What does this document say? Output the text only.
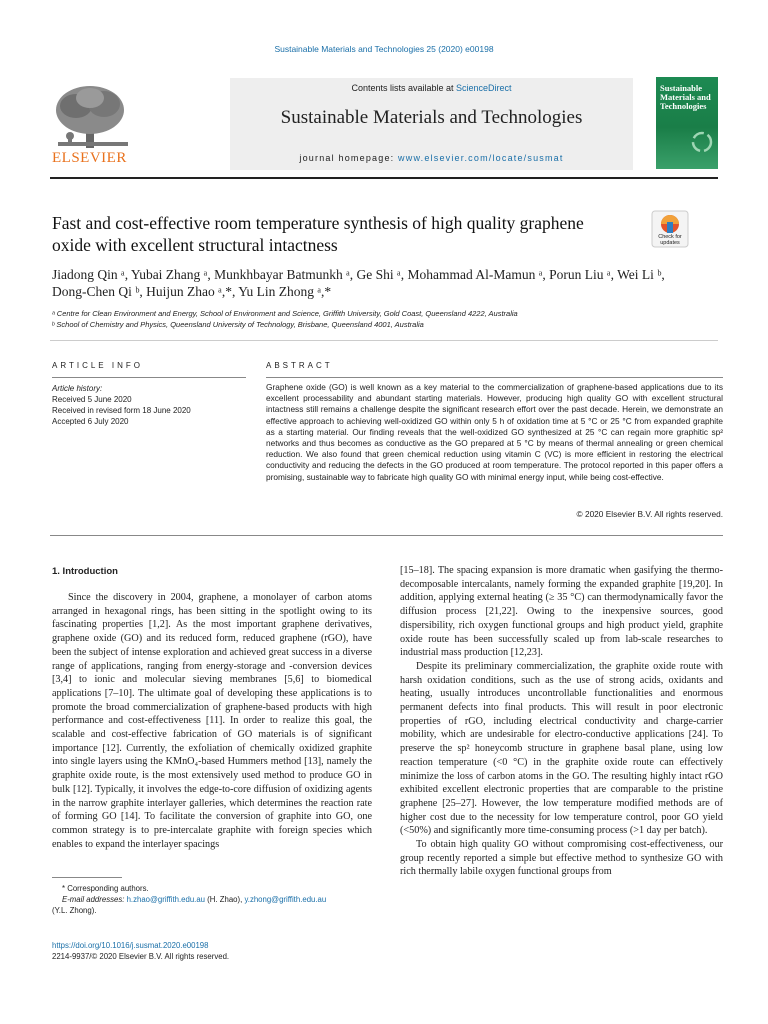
Sustainable Materials and Technologies 25 (2020) e00198
Contents lists available at ScienceDirect
Sustainable Materials and Technologies
journal homepage: www.elsevier.com/locate/susmat
ELSEVIER
Sustainable Materials and Technologies
Fast and cost-effective room temperature synthesis of high quality graphene oxide with excellent structural intactness	Check for updates
Jiadong Qin ᵃ, Yubai Zhang ᵃ, Munkhbayar Batmunkh ᵃ, Ge Shi ᵃ, Mohammad Al-Mamun ᵃ, Porun Liu ᵃ, Wei Li ᵇ,
Dong-Chen Qi ᵇ, Huijun Zhao ᵃ,*, Yu Lin Zhong ᵃ,*
ᵃ Centre for Clean Environment and Energy, School of Environment and Science, Griffith University, Gold Coast, Queensland 4222, Australia
ᵇ School of Chemistry and Physics, Queensland University of Technology, Brisbane, Queensland 4001, Australia
ARTICLE INFO
Article history:
Received 5 June 2020
Received in revised form 18 June 2020
Accepted 6 July 2020
ABSTRACT
Graphene oxide (GO) is well known as a key material to the commercialization of graphene-based applications due to its excellent processability and abundant starting materials. However, producing high quality GO with excellent structural intactness still remains a challenge despite the significant research effort over the past decade. Herein, we demonstrate an effective approach to achieving well-oxidized GO within only 5 h of oxidation time at 5 °C or 25 °C from expanded graphite as a starting material. Our finding reveals that the well-oxidized GO synthesized at 25 °C can regain more graphitic sp² networks and thus becomes as conductive as the GO prepared at 5 °C by means of thermal annealing or green chemical reduction. We also found that green chemical reduction using vitamin C (VC) is more efficient in restoring the electrical conductivity and reducing the defects in the GO produced at room temperature. The protocol reported in this paper offers a promising, sustainable way to fabricate high quality GO with minimal energy input, while being cost-effective.
© 2020 Elsevier B.V. All rights reserved.
1. Introduction

Since the discovery in 2004, graphene, a monolayer of carbon atoms arranged in hexagonal rings, has been sitting in the spotlight owing to its fascinating properties [1,2]. As the most important graphene derivatives, graphene oxide (GO) and its reduced form, reduced graphene (rGO), have been the subject of intense exploration and achieved great success in a diverse range of applications, ranging from energy-storage and -conversion devices [3,4] to ionic and molecular sieving membranes [5,6] to biomedical applications [7–10]. The ultimate goal of developing these applications is to promote the broad commercialization of graphene-based products with high performance and cost-effectiveness [11]. In order to realize this goal, the scalable and cost-effective fabrication of GO materials is of significant importance [12]. Currently, the exfoliation of chemically oxidized graphite into single layers using the KMnO₄-based Hummers method [13], namely the graphite oxide route, is the most extensively used method to produce GO in bulk [12]. Typically, it involves the edge-to-core diffusion of oxidizing agents in the narrow graphite interlayer galleries, which determines the reaction rate of forming GO [14]. To facilitate the conversion of graphite into GO, one common strategy is to pre-intercalate graphite with foreign species which enables to expand the interlayer spacings

[15–18]. The spacing expansion is more dramatic when gasifying the thermo-decomposable intercalants, namely forming the expanded graphite [19,20]. In addition, applying external heating (≥ 35 °C) can thermodynamically favor the diffusion process [21,22]. Owing to the inexpensive sources, good dispersibility, rich oxygen functional groups and high product yield, graphite oxide route has been successfully scaled up from lab-scale researches to industrial mass production [12,23].

Despite its preliminary commercialization, the graphite oxide route with harsh oxidation conditions, such as the use of strong acids, oxidants and heating, usually introduces uncontrollable functionalities and enormous permanent defects into final products. This will result in poor electronic properties of rGO, including electrical conductivity and charge-carrier mobility, which are undesirable for electro-conductive applications [24]. To preserve the sp² honeycomb structure in graphene basal plane, using low reaction temperature (<0 °C) in the graphite oxide route can effectively minimize the loss of carbon atoms in the GO. The resulting highly intact rGO exhibited excellent electronic properties that are comparable to the pristine graphene [25–27]. However, the low temperature modified methods are of higher cost due to the necessity for low temperature control, poor GO yield (<50%) and significantly more time-consuming process (>1 day per batch).

To obtain high quality GO without compromising cost-effectiveness, our group recently reported a simple but effective method to synthesize GO with rich thermally labile oxygen functional groups from

* Corresponding authors.
E-mail addresses: h.zhao@griffith.edu.au (H. Zhao), y.zhong@griffith.edu.au
(Y.L. Zhong).
https://doi.org/10.1016/j.susmat.2020.e00198
2214-9937/© 2020 Elsevier B.V. All rights reserved.
